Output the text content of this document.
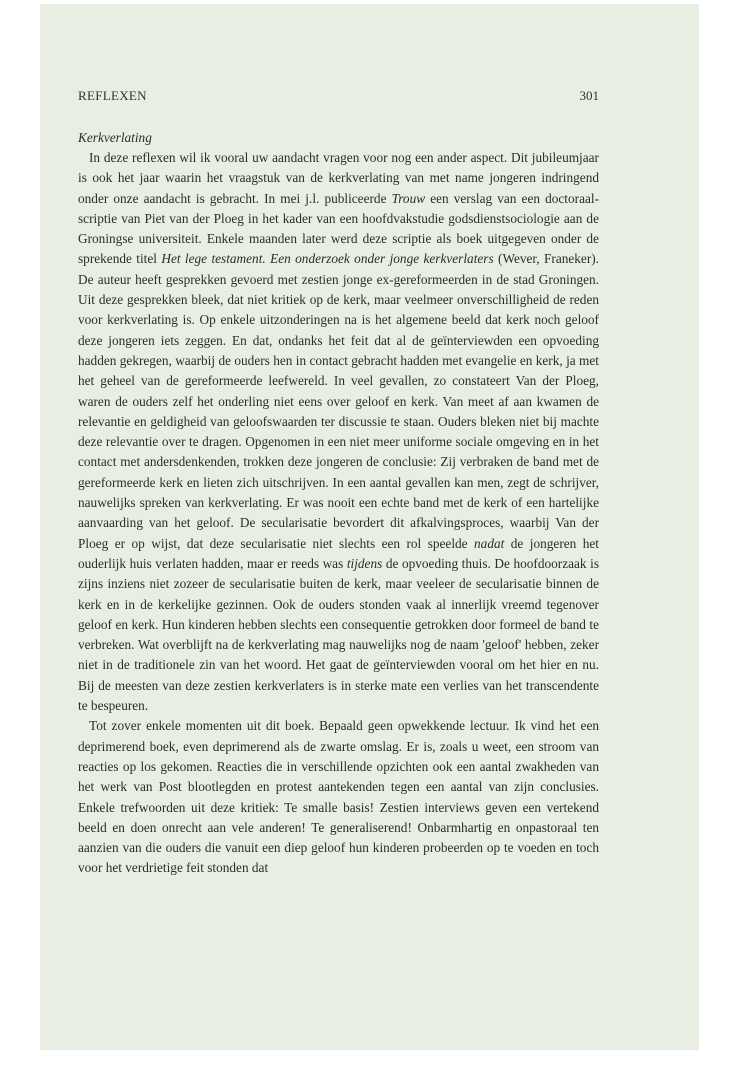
REFLEXEN	301

Kerkverlating

In deze reflexen wil ik vooral uw aandacht vragen voor nog een ander aspect. Dit jubileumjaar is ook het jaar waarin het vraagstuk van de kerkverlating van met name jongeren indringend onder onze aandacht is gebracht. In mei j.l. publiceerde Trouw een verslag van een doctoraal-scriptie van Piet van der Ploeg in het kader van een hoofdvakstudie godsdienstsociologie aan de Groningse universiteit. Enkele maanden later werd deze scriptie als boek uitgegeven onder de sprekende titel Het lege testament. Een onderzoek onder jonge kerkverlaters (Wever, Franeker). De auteur heeft gesprekken gevoerd met zestien jonge ex-gereformeerden in de stad Groningen. Uit deze gesprekken bleek, dat niet kritiek op de kerk, maar veelmeer onverschilligheid de reden voor kerkverlating is. Op enkele uitzonderingen na is het algemene beeld dat kerk noch geloof deze jongeren iets zeggen. En dat, ondanks het feit dat al de geïnterviewden een opvoeding hadden gekregen, waarbij de ouders hen in contact gebracht hadden met evangelie en kerk, ja met het geheel van de gereformeerde leefwereld. In veel gevallen, zo constateert Van der Ploeg, waren de ouders zelf het onderling niet eens over geloof en kerk. Van meet af aan kwamen de relevantie en geldigheid van geloofswaarden ter discussie te staan. Ouders bleken niet bij machte deze relevantie over te dragen. Opgenomen in een niet meer uniforme sociale omgeving en in het contact met andersdenkenden, trokken deze jongeren de conclusie: Zij verbraken de band met de gereformeerde kerk en lieten zich uitschrijven. In een aantal gevallen kan men, zegt de schrijver, nauwelijks spreken van kerkverlating. Er was nooit een echte band met de kerk of een hartelijke aanvaarding van het geloof. De secularisatie bevordert dit afkalvingsproces, waarbij Van der Ploeg er op wijst, dat deze secularisatie niet slechts een rol speelde nadat de jongeren het ouderlijk huis verlaten hadden, maar er reeds was tijdens de opvoeding thuis. De hoofdoorzaak is zijns inziens niet zozeer de secularisatie buiten de kerk, maar veeleer de secularisatie binnen de kerk en in de kerkelijke gezinnen. Ook de ouders stonden vaak al innerlijk vreemd tegenover geloof en kerk. Hun kinderen hebben slechts een consequentie getrokken door formeel de band te verbreken. Wat overblijft na de kerkverlating mag nauwelijks nog de naam 'geloof' hebben, zeker niet in de traditionele zin van het woord. Het gaat de geïnterviewden vooral om het hier en nu. Bij de meesten van deze zestien kerkverlaters is in sterke mate een verlies van het transcendente te bespeuren.

Tot zover enkele momenten uit dit boek. Bepaald geen opwekkende lectuur. Ik vind het een deprimerend boek, even deprimerend als de zwarte omslag. Er is, zoals u weet, een stroom van reacties op los gekomen. Reacties die in verschillende opzichten ook een aantal zwakheden van het werk van Post blootlegden en protest aantekenden tegen een aantal van zijn conclusies. Enkele trefwoorden uit deze kritiek: Te smalle basis! Zestien interviews geven een vertekend beeld en doen onrecht aan vele anderen! Te generaliserend! Onbarmhartig en onpastoraal ten aanzien van die ouders die vanuit een diep geloof hun kinderen probeerden op te voeden en toch voor het verdrietige feit stonden dat
